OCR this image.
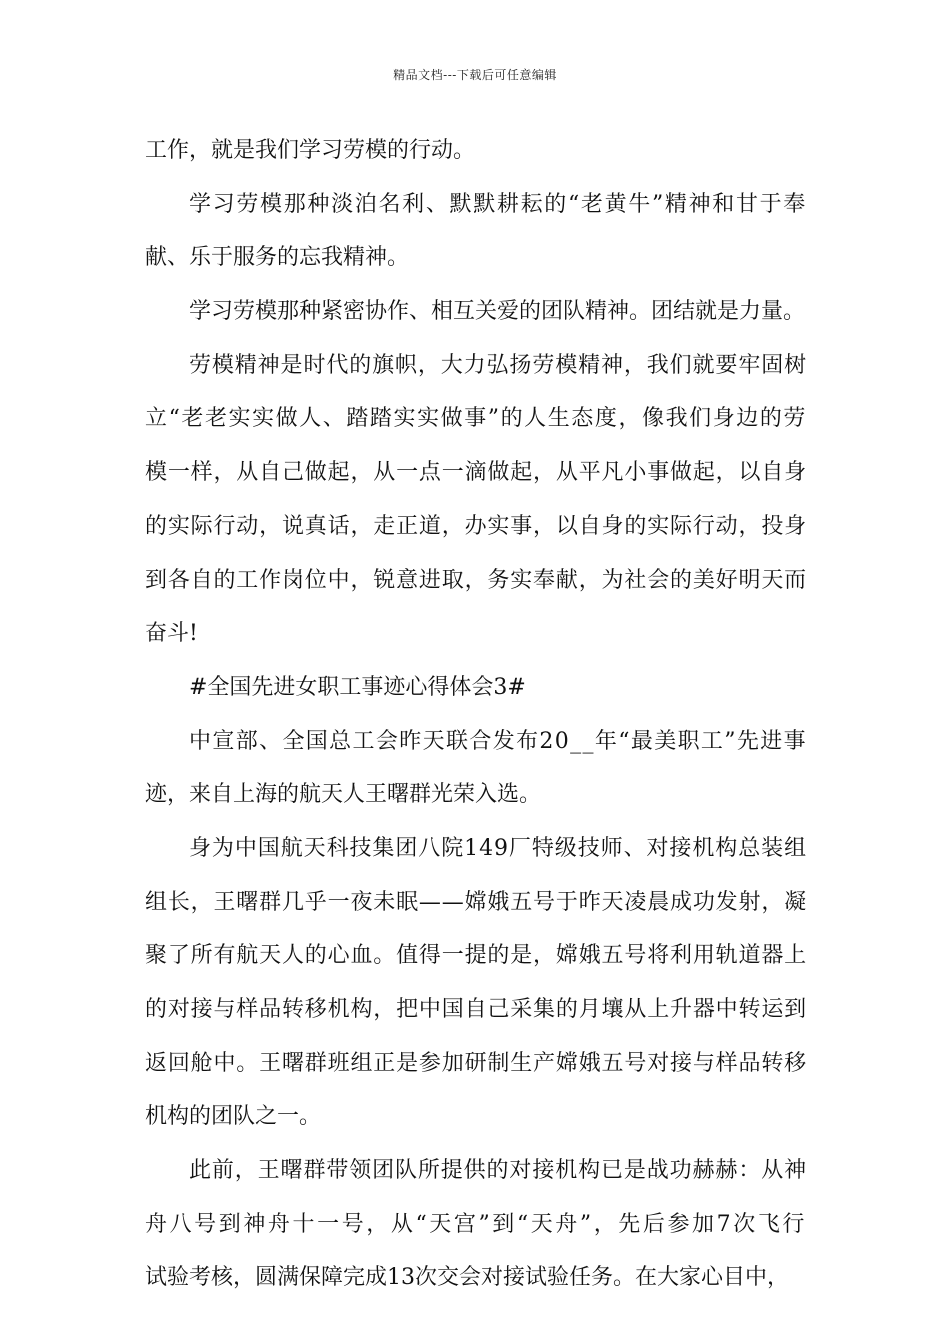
精品文档---下载后可任意编辑
工作，就是我们学习劳模的行动。
学习劳模那种淡泊名利、默默耕耘的“老黄牛”精神和甘于奉
献、乐于服务的忘我精神。
学习劳模那种紧密协作、相互关爱的团队精神。团结就是力量。
劳模精神是时代的旗帜，大力弘扬劳模精神，我们就要牢固树
立“老老实实做人、踏踏实实做事”的人生态度，像我们身边的劳
模一样，从自己做起，从一点一滴做起，从平凡小事做起，以自身
的实际行动，说真话，走正道，办实事，以自身的实际行动，投身
到各自的工作岗位中，锐意进取，务实奉献，为社会的美好明天而
奋斗!
#全国先进女职工事迹心得体会3#
中宣部、全国总工会昨天联合发布20__年“最美职工”先进事
迹，来自上海的航天人王曙群光荣入选。
身为中国航天科技集团八院149厂特级技师、对接机构总装组
组长，王曙群几乎一夜未眠——嫦娥五号于昨天凌晨成功发射，凝
聚了所有航天人的心血。值得一提的是，嫦娥五号将利用轨道器上
的对接与样品转移机构，把中国自己采集的月壤从上升器中转运到
返回舱中。王曙群班组正是参加研制生产嫦娥五号对接与样品转移
机构的团队之一。
此前，王曙群带领团队所提供的对接机构已是战功赫赫：从神
舟八号到神舟十一号，从“天宫”到“天舟”，先后参加7次飞行
试验考核，圆满保障完成13次交会对接试验任务。在大家心目中，
